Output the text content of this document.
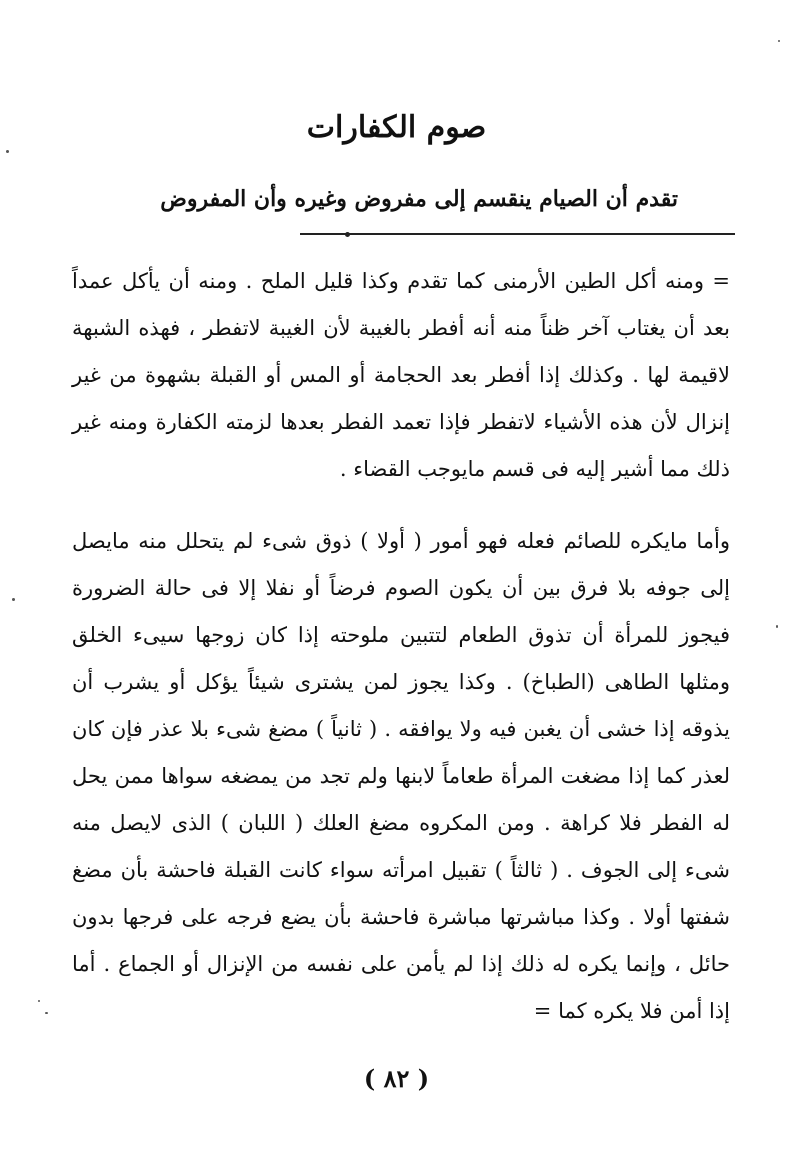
صوم الكفارات
تقدم أن الصيام ينقسم إلى مفروض وغيره وأن المفروض

= ومنه أكل الطين الأرمنى كما تقدم وكذا قليل الملح . ومنه أن يأكل عمداً بعد أن يغتاب آخر ظناً منه أنه أفطر بالغيبة لأن الغيبة لاتفطر ، فهذه الشبهة لاقيمة لها . وكذلك إذا أفطر بعد الحجامة أو المس أو القبلة بشهوة من غير إنزال لأن هذه الأشياء لاتفطر فإذا تعمد الفطر بعدها لزمته الكفارة ومنه غير ذلك مما أشير إليه فى قسم مايوجب القضاء .

وأما مايكره للصائم فعله فهو أمور ( أولا ) ذوق شىء لم يتحلل منه مايصل إلى جوفه بلا فرق بين أن يكون الصوم فرضاً أو نفلا إلا فى حالة الضرورة فيجوز للمرأة أن تذوق الطعام لتتبين ملوحته إذا كان زوجها سيىء الخلق ومثلها الطاهى (الطباخ) . وكذا يجوز لمن يشترى شيئاً يؤكل أو يشرب أن يذوقه إذا خشى أن يغبن فيه ولا يوافقه . ( ثانياً ) مضغ شىء بلا عذر فإن كان لعذر كما إذا مضغت المرأة طعاماً لابنها ولم تجد من يمضغه سواها ممن يحل له الفطر فلا كراهة . ومن المكروه مضغ العلك ( اللبان ) الذى لايصل منه شىء إلى الجوف . ( ثالثاً ) تقبيل امرأته سواء كانت القبلة فاحشة بأن مضغ شفتها أولا . وكذا مباشرتها مباشرة فاحشة بأن يضع فرجه على فرجها بدون حائل ، وإنما يكره له ذلك إذا لم يأمن على نفسه من الإنزال أو الجماع . أما إذا أمن فلا يكره كما =

( ٨٢ )
